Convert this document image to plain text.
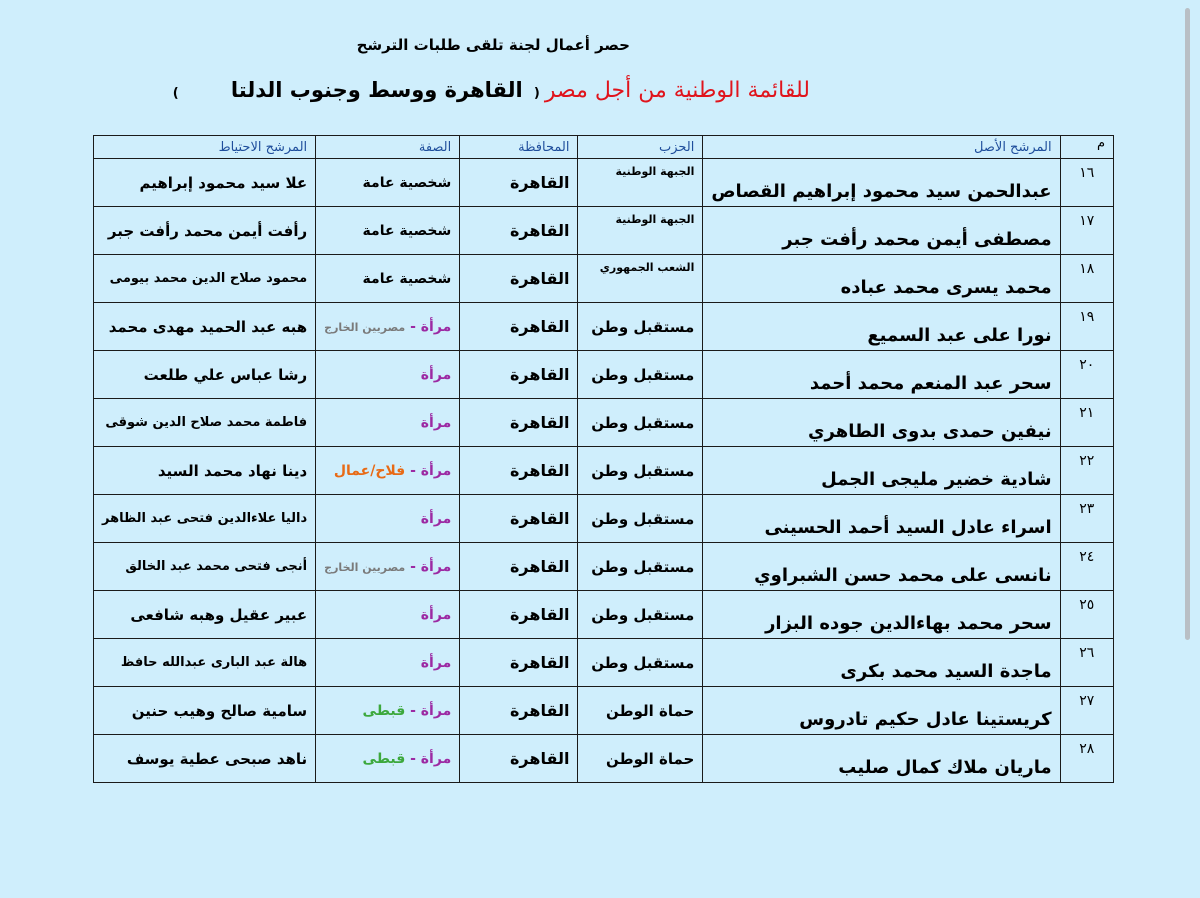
حصر أعمال لجنة تلقى طلبات الترشح
للقائمة الوطنية من أجل مصر ( القاهرة ووسط وجنوب الدلتا  )
م	المرشح الأصل	الحزب	المحافظة	الصفة	المرشح الاحتياط
١٦	عبدالحمن سيد محمود إبراهيم القصاص	الجبهة الوطنية	القاهرة	شخصية عامة	علا سيد محمود إبراهيم
١٧	مصطفى أيمن محمد رأفت جبر	الجبهة الوطنية	القاهرة	شخصية عامة	رأفت أيمن محمد رأفت جبر
١٨	محمد يسرى محمد عباده	الشعب الجمهوري	القاهرة	شخصية عامة	محمود صلاح الدين محمد بيومى
١٩	نورا على عبد السميع	مستقبل وطن	القاهرة	مرأة - مصريين الخارج	هبه عبد الحميد مهدى محمد
٢٠	سحر عبد المنعم محمد أحمد	مستقبل وطن	القاهرة	مرأة	رشا عباس علي طلعت
٢١	نيفين حمدى بدوى الطاهري	مستقبل وطن	القاهرة	مرأة	فاطمة محمد صلاح الدين شوقى
٢٢	شادية خضير مليجى الجمل	مستقبل وطن	القاهرة	مرأة - فلاح/عمال	دينا نهاد محمد السيد
٢٣	اسراء عادل السيد أحمد الحسينى	مستقبل وطن	القاهرة	مرأة	داليا علاءالدين فتحى عبد الظاهر
٢٤	نانسى على محمد حسن الشبراوي	مستقبل وطن	القاهرة	مرأة - مصريين الخارج	أنجى فتحى محمد عبد الخالق
٢٥	سحر محمد بهاءالدين جوده البزار	مستقبل وطن	القاهرة	مرأة	عبير عقيل وهبه شافعى
٢٦	ماجدة السيد محمد بكرى	مستقبل وطن	القاهرة	مرأة	هالة عبد البارى عبدالله حافظ
٢٧	كريستينا عادل حكيم تادروس	حماة الوطن	القاهرة	مرأة - قبطى	سامية صالح وهيب حنين
٢٨	ماريان ملاك كمال صليب	حماة الوطن	القاهرة	مرأة - قبطى	ناهد صبحى عطية يوسف
